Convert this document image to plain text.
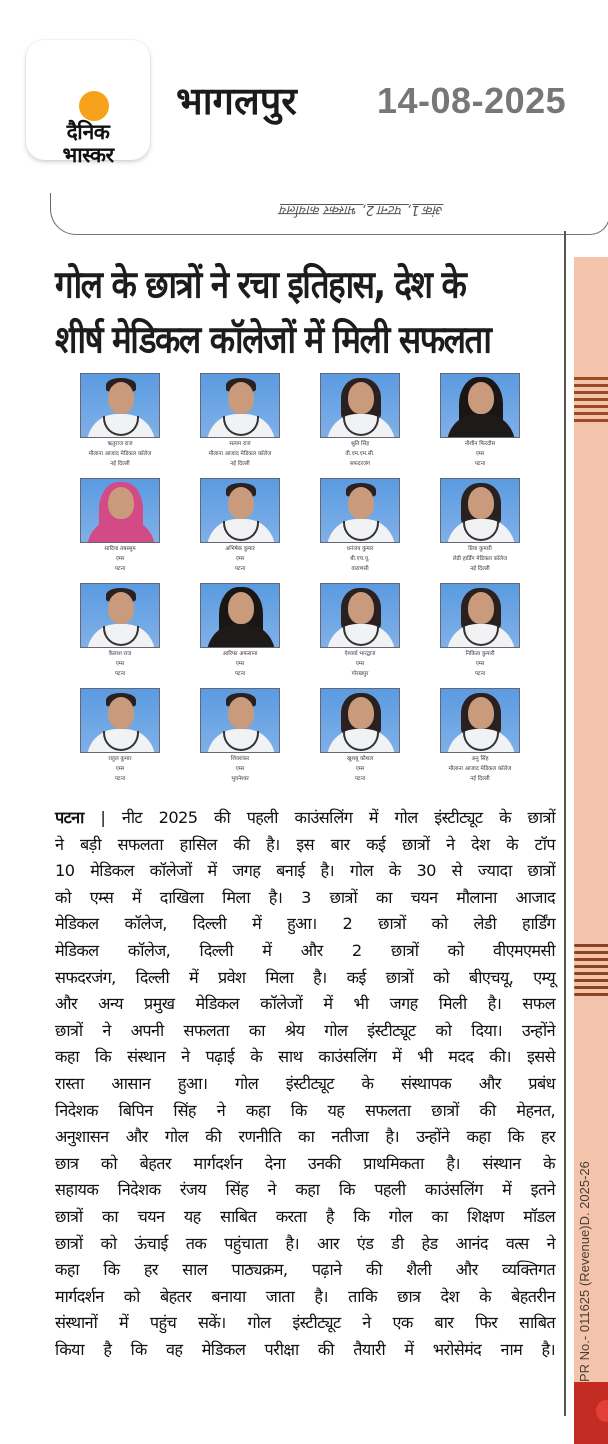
दैनिक
भास्कर
भागलपुर 14-08-2025
अंक 1, पटना 2, भास्कर कार्यालय
गोल के छात्रों ने रचा इतिहास, देश के
शीर्ष मेडिकल कॉलेजों में मिली सफलता
ऋतुराज राज
मौलाना आजाद मेडिकल कॉलेज
नई दिल्ली
सत्यम राज
मौलाना आजाद मेडिकल कॉलेज
नई दिल्ली
श्रुति सिंह
वी.एम.एम.सी.
सफदरजंग
नौशीन फिरदौस
एम्स
पटना
सादिया तबस्सुम
एम्स
पटना
अभिषेक कुमार
एम्स
पटना
धनंजय कुमार
बी.एच.यू.
वाराणसी
प्रिया कुमारी
लेडी हार्डिंग मेडिकल कॉलेज
नई दिल्ली
कैलाश राज
एम्स
पटना
आरिफा अफसाना
एम्स
पटना
ऐश्वर्या भारद्वाज
एम्स
गोरखपुर
निकिता कुमारी
एम्स
पटना
राहुल कुमार
एम्स
पटना
शिवशंकर
एम्स
भुवनेश्वर
खुशबू कौशल
एम्स
पटना
अनु सिंह
मौलाना आजाद मेडिकल कॉलेज
नई दिल्ली
पटना | नीट 2025 की पहली काउंसलिंग में गोल इंस्टीट्यूट के छात्रों
ने बड़ी सफलता हासिल की है। इस बार कई छात्रों ने देश के टॉप
10 मेडिकल कॉलेजों में जगह बनाई है। गोल के 30 से ज्यादा छात्रों
को एम्स में दाखिला मिला है। 3 छात्रों का चयन मौलाना आजाद
मेडिकल कॉलेज, दिल्ली में हुआ। 2 छात्रों को लेडी हार्डिंग
मेडिकल कॉलेज, दिल्ली में और 2 छात्रों को वीएमएमसी
सफदरजंग, दिल्ली में प्रवेश मिला है। कई छात्रों को बीएचयू, एम्यू
और अन्य प्रमुख मेडिकल कॉलेजों में भी जगह मिली है। सफल
छात्रों ने अपनी सफलता का श्रेय गोल इंस्टीट्यूट को दिया। उन्होंने
कहा कि संस्थान ने पढ़ाई के साथ काउंसलिंग में भी मदद की। इससे
रास्ता आसान हुआ। गोल इंस्टीट्यूट के संस्थापक और प्रबंध
निदेशक बिपिन सिंह ने कहा कि यह सफलता छात्रों की मेहनत,
अनुशासन और गोल की रणनीति का नतीजा है। उन्होंने कहा कि हर
छात्र को बेहतर मार्गदर्शन देना उनकी प्राथमिकता है। संस्थान के
सहायक निदेशक रंजय सिंह ने कहा कि पहली काउंसलिंग में इतने
छात्रों का चयन यह साबित करता है कि गोल का शिक्षण मॉडल
छात्रों को ऊंचाई तक पहुंचाता है। आर एंड डी हेड आनंद वत्स ने
कहा कि हर साल पाठ्यक्रम, पढ़ाने की शैली और व्यक्तिगत
मार्गदर्शन को बेहतर बनाया जाता है। ताकि छात्र देश के बेहतरीन
संस्थानों में पहुंच सकें। गोल इंस्टीट्यूट ने एक बार फिर साबित
किया है कि वह मेडिकल परीक्षा की तैयारी में भरोसेमंद नाम है। PR No.- 011625 (Revenue)D. 2025-26
